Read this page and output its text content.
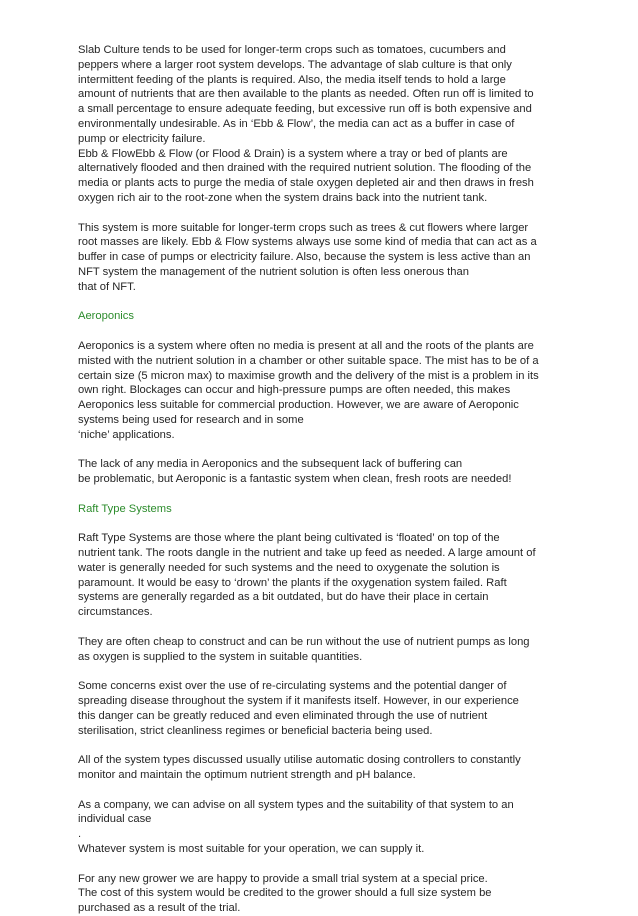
Slab Culture tends to be used for longer-term crops such as tomatoes, cucumbers and
peppers where a larger root system develops. The advantage of slab culture is that only
intermittent feeding of the plants is required. Also, the media itself tends to hold a large
amount of nutrients that are then available to the plants as needed. Often run off is limited to
a small percentage to ensure adequate feeding, but excessive run off is both expensive and
environmentally undesirable. As in ‘Ebb & Flow’, the media can act as a buffer in case of
pump or electricity failure.
Ebb & FlowEbb & Flow (or Flood & Drain) is a system where a tray or bed of plants are
alternatively flooded and then drained with the required nutrient solution. The flooding of the
media or plants acts to purge the media of stale oxygen depleted air and then draws in fresh
oxygen rich air to the root-zone when the system drains back into the nutrient tank.
This system is more suitable for longer-term crops such as trees & cut flowers where larger
root masses are likely. Ebb & Flow systems always use some kind of media that can act as a
buffer in case of pumps or electricity failure. Also, because the system is less active than an
NFT system the management of the nutrient solution is often less onerous than
that of NFT.
Aeroponics
Aeroponics is a system where often no media is present at all and the roots of the plants are
misted with the nutrient solution in a chamber or other suitable space. The mist has to be of a
certain size (5 micron max) to maximise growth and the delivery of the mist is a problem in its
own right. Blockages can occur and high-pressure pumps are often needed, this makes
Aeroponics less suitable for commercial production. However, we are aware of Aeroponic
systems being used for research and in some
‘niche’ applications.
The lack of any media in Aeroponics and the subsequent lack of buffering can
be problematic, but Aeroponic is a fantastic system when clean, fresh roots are needed!
Raft Type Systems
Raft Type Systems are those where the plant being cultivated is ‘floated’ on top of the
nutrient tank. The roots dangle in the nutrient and take up feed as needed. A large amount of
water is generally needed for such systems and the need to oxygenate the solution is
paramount. It would be easy to ‘drown’ the plants if the oxygenation system failed. Raft
systems are generally regarded as a bit outdated, but do have their place in certain
circumstances.
They are often cheap to construct and can be run without the use of nutrient pumps as long
as oxygen is supplied to the system in suitable quantities.
Some concerns exist over the use of re-circulating systems and the potential danger of
spreading disease throughout the system if it manifests itself. However, in our experience
this danger can be greatly reduced and even eliminated through the use of nutrient
sterilisation, strict cleanliness regimes or beneficial bacteria being used.
All of the system types discussed usually utilise automatic dosing controllers to constantly
monitor and maintain the optimum nutrient strength and pH balance.
As a company, we can advise on all system types and the suitability of that system to an
individual case
.
Whatever system is most suitable for your operation, we can supply it.
For any new grower we are happy to provide a small trial system at a special price.
The cost of this system would be credited to the grower should a full size system be
purchased as a result of the trial.
